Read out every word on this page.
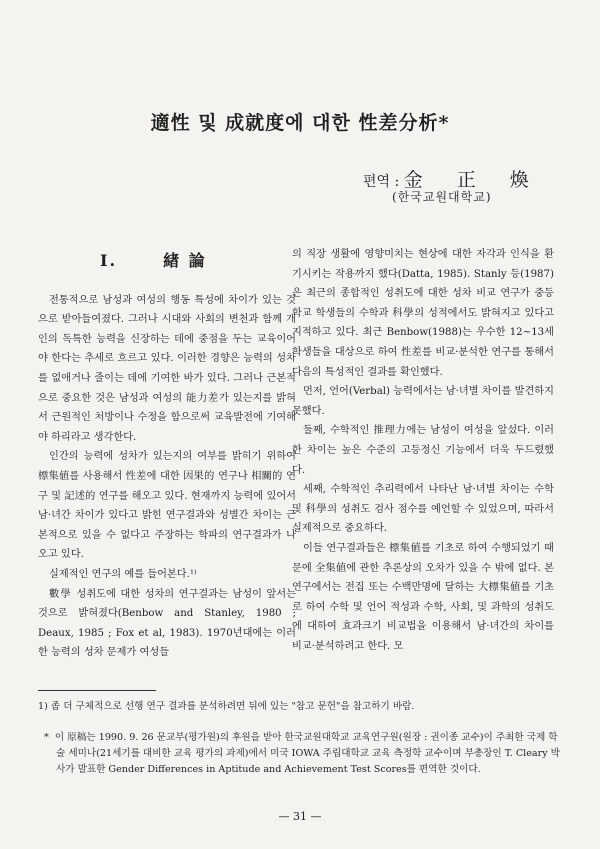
適性 및 成就度에 대한 性差分析*
편역 : 金 正 煥
(한국교원대학교)
Ⅰ.	緖 論

전통적으로 남성과 여성의 행동 특성에 차이가 있는 것으로 받아들여졌다. 그러나 시대와 사회의 변천과 함께 개인의 독특한 능력을 신장하는 데에 중점을 두는 교육이어야 한다는 추세로 흐르고 있다. 이러한 경향은 능력의 성차를 없애거나 줄이는 데에 기여한 바가 있다. 그러나 근본적으로 중요한 것은 남성과 여성의 能力差가 있는지를 밝혀서 근원적인 처방이나 수정을 함으로써 교육발전에 기여해야 하리라고 생각한다.

인간의 능력에 성차가 있는지의 여부를 밝히기 위하여 標集値를 사용해서 性差에 대한 因果的 연구나 相關的 연구 및 記述的 연구를 해오고 있다. 현재까지 능력에 있어서 남·녀간 차이가 있다고 밝힌 연구결과와 성별간 차이는 근본적으로 있을 수 없다고 주장하는 학파의 연구결과가 나오고 있다.

실제적인 연구의 예를 들어본다.¹⁾

數學 성취도에 대한 성차의 연구결과는 남성이 앞서는 것으로 밝혀졌다(Benbow and Stanley, 1980 ; Deaux, 1985 ; Fox et al, 1983). 1970년대에는 이러한 능력의 성차 문제가 여성들

의 직장 생활에 영향미치는 현상에 대한 자각과 인식을 환기시키는 작용까지 했다(Datta, 1985). Stanly 등(1987)은 최근의 종합적인 성취도에 대한 성차 비교 연구가 중등학교 학생들의 수학과 科學의 성적에서도 밝혀지고 있다고 지적하고 있다. 최근 Benbow(1988)는 우수한 12~13세 학생들을 대상으로 하여 性差를 비교·분석한 연구를 통해서 다음의 특성적인 결과를 확인했다.

먼저, 언어(Verbal) 능력에서는 남·녀별 차이를 발견하지 못했다.

둘째, 수학적인 推理力에는 남성이 여성을 앞섰다. 이러한 차이는 높은 수준의 고등정신 기능에서 더욱 두드렸했다.

세째, 수학적인 추리력에서 나타난 남·녀별 차이는 수학 및 科學의 성취도 검사 점수를 예언할 수 있었으며, 따라서 실제적으로 중요하다.

이들 연구결과들은 標集値를 기초로 하여 수행되었기 때문에 全集値에 관한 추론상의 오차가 있을 수 밖에 없다. 본 연구에서는 전집 또는 수백만명에 달하는 大標集値를 기초로 하여 수학 및 언어 적성과 수학, 사회, 및 과학의 성취도에 대하여 효과크기 비교법을 이용해서 남·녀간의 차이를 비교·분석하려고 한다. 모

1) 좀 더 구체적으로 선행 연구 결과를 분석하려면 뒤에 있는 "참고 문헌"을 참고하기 바람.
* 이 原稿는 1990. 9. 26 문교부(평가원)의 후원을 받아 한국교원대학교 교육연구원(원장 : 권이종 교수)이 주최한 국제 학술 세미나(21세기를 대비한 교육 평가의 과제)에서 미국 IOWA 주립대학교 교육 측정학 교수이며 부총장인 T. Cleary 박사가 발표한 Gender Differences in Aptitude and Achievement Test Scores를 편역한 것이다.
— 31 —
